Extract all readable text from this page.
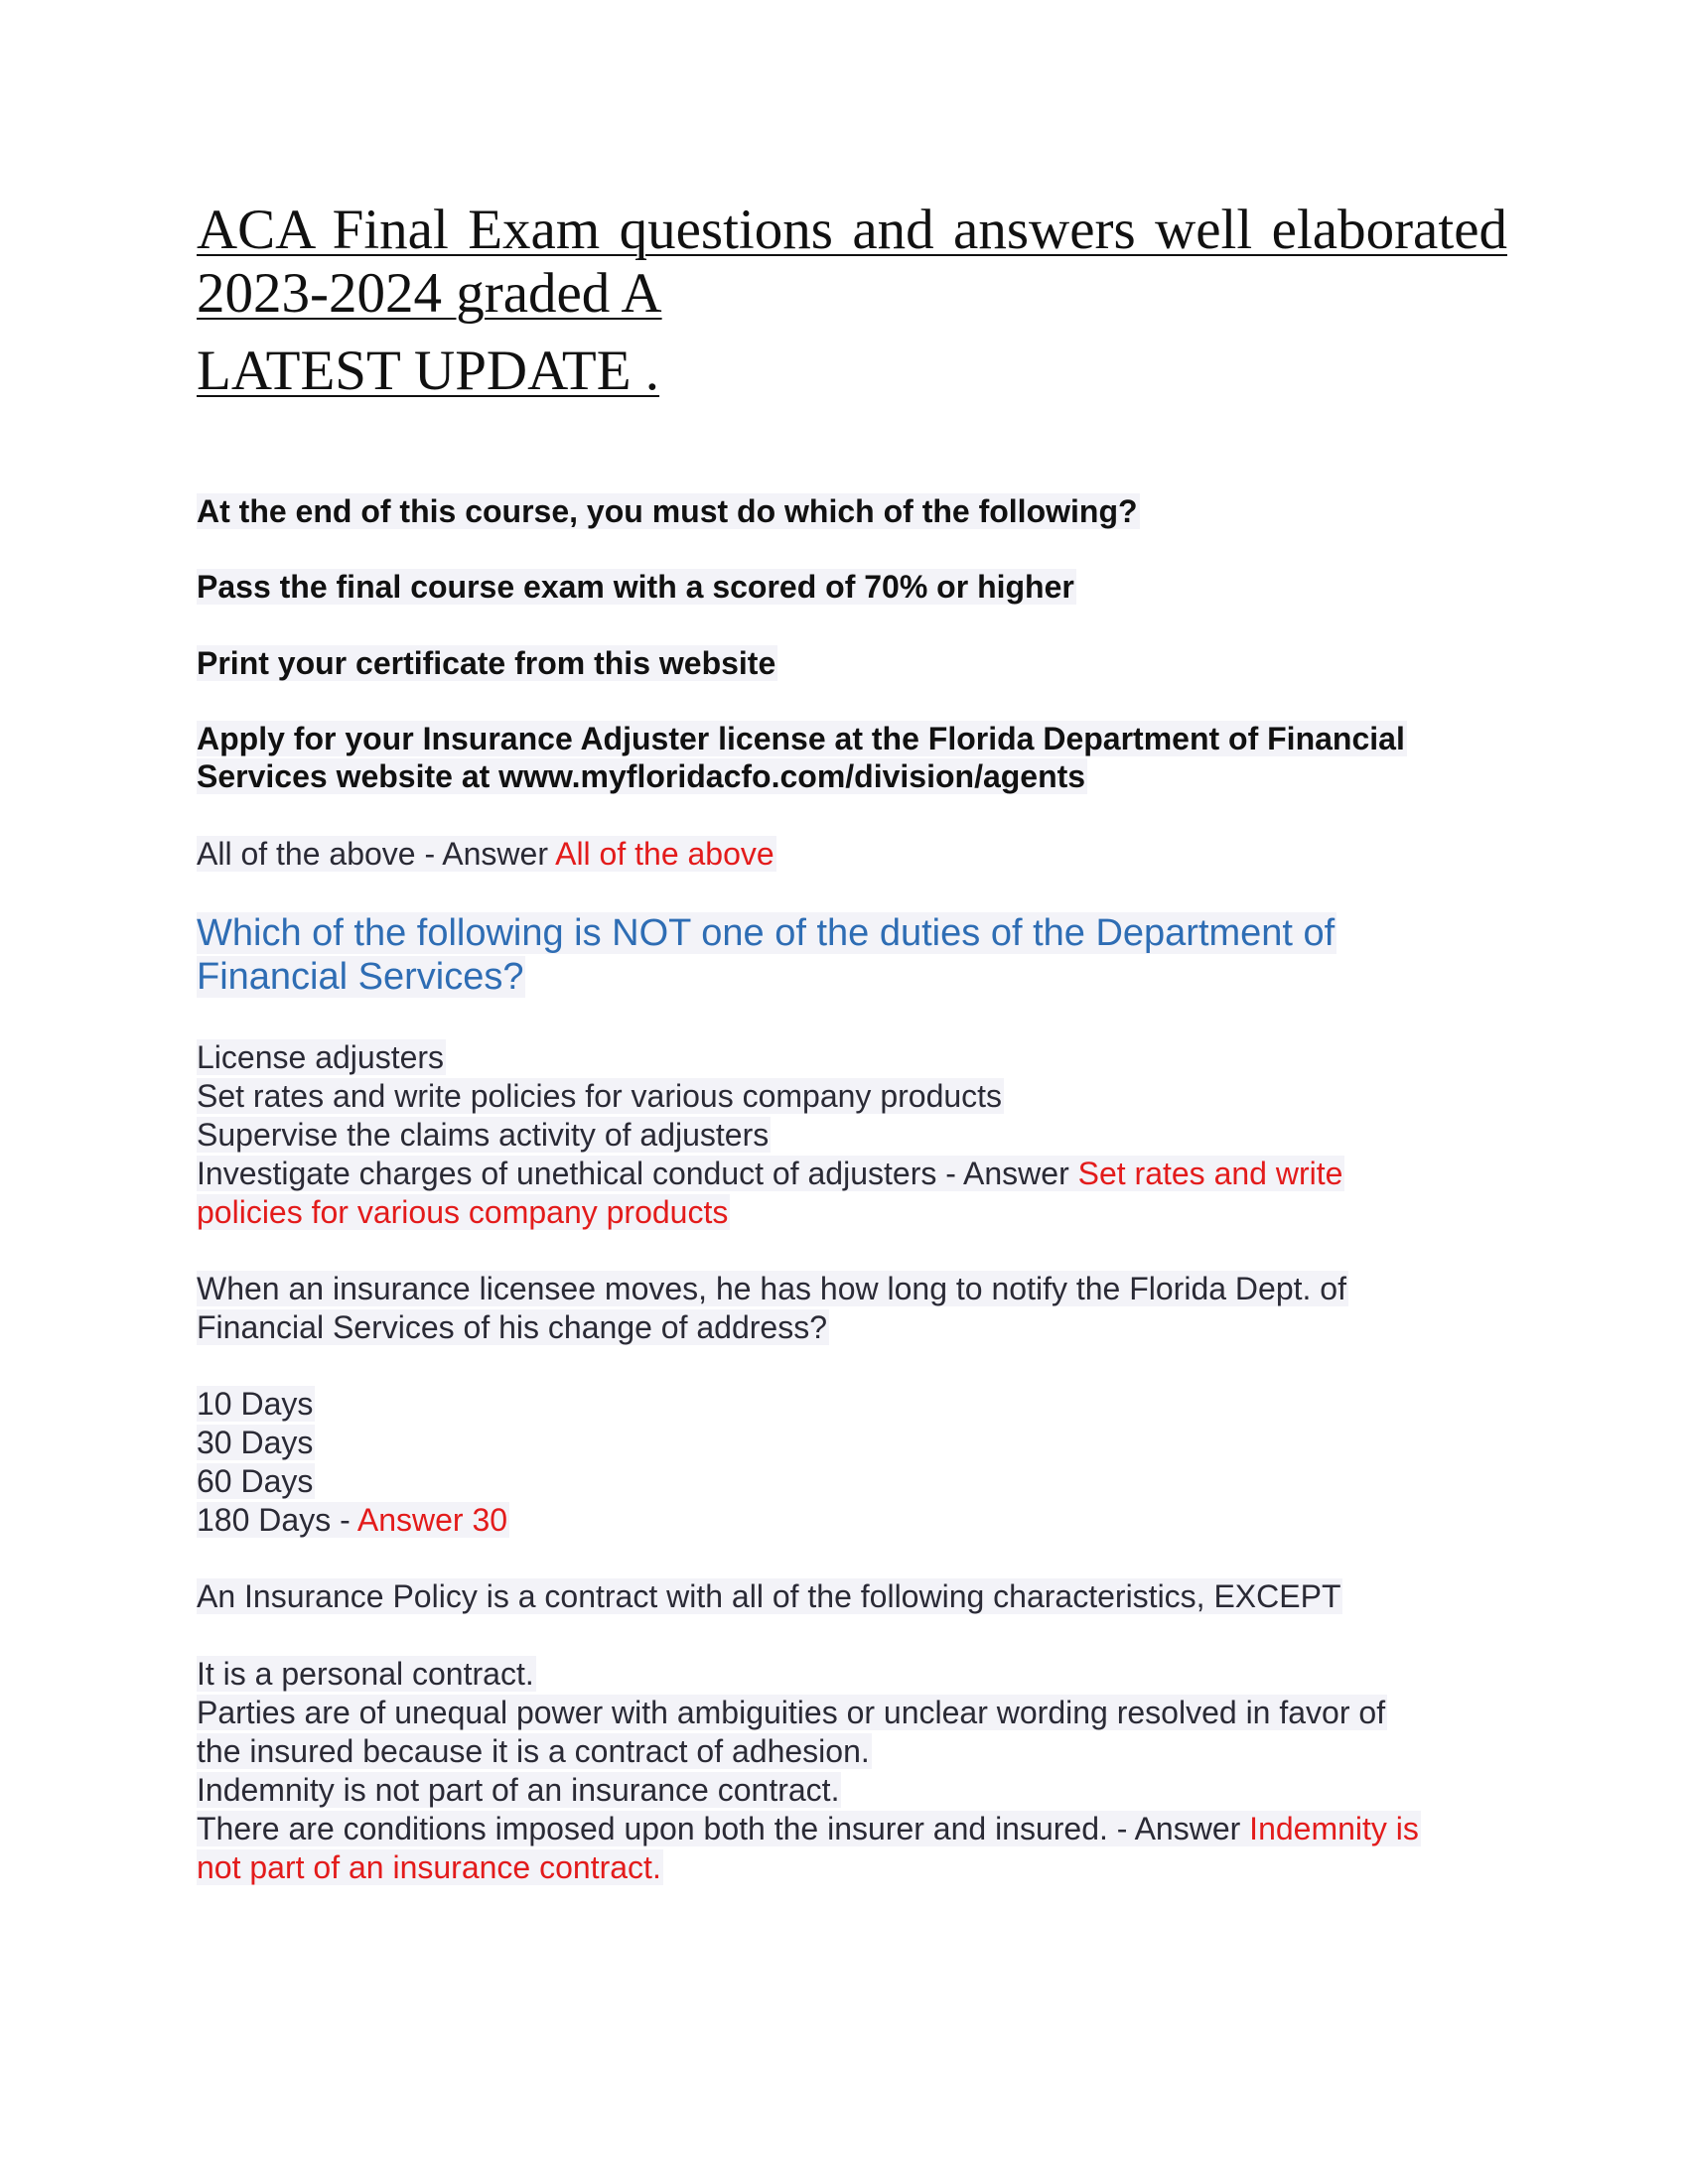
ACA Final Exam questions and answers well elaborated
2023-2024 graded A
LATEST UPDATE .

At the end of this course, you must do which of the following?

Pass the final course exam with a scored of 70% or higher

Print your certificate from this website

Apply for your Insurance Adjuster license at the Florida Department of Financial

Services website at www.myfloridacfo.com/division/agents

All of the above - Answer All of the above

Which of the following is NOT one of the duties of the Department of

Financial Services?

License adjusters

Set rates and write policies for various company products

Supervise the claims activity of adjusters

Investigate charges of unethical conduct of adjusters - Answer Set rates and write

policies for various company products

When an insurance licensee moves, he has how long to notify the Florida Dept. of

Financial Services of his change of address?

10 Days

30 Days

60 Days

180 Days - Answer 30

An Insurance Policy is a contract with all of the following characteristics, EXCEPT

It is a personal contract.

Parties are of unequal power with ambiguities or unclear wording resolved in favor of

the insured because it is a contract of adhesion.

Indemnity is not part of an insurance contract.

There are conditions imposed upon both the insurer and insured. - Answer Indemnity is

not part of an insurance contract.
